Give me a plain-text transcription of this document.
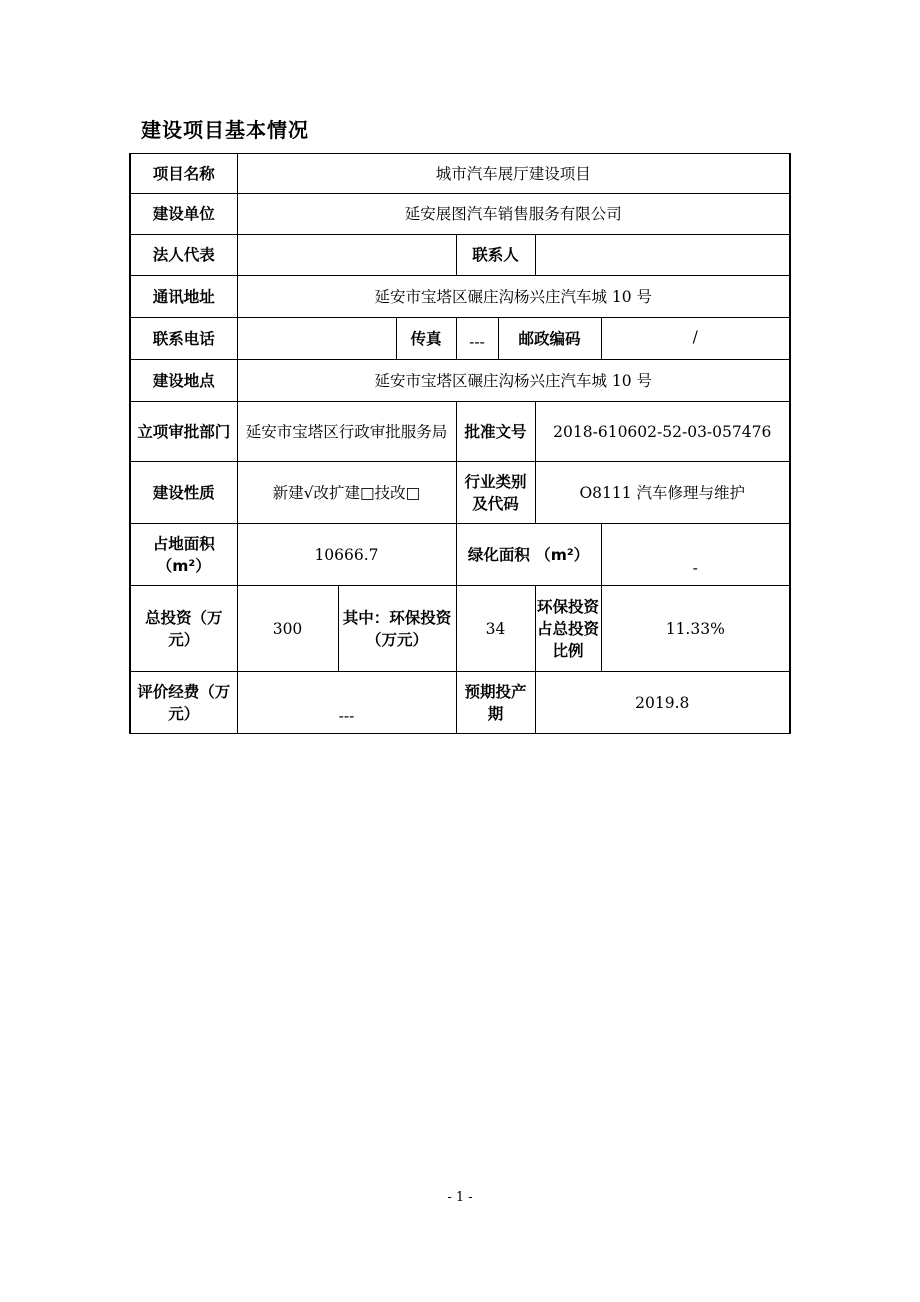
建设项目基本情况
项目名称	城市汽车展厅建设项目						
建设单位	延安展图汽车销售服务有限公司						
法人代表				联系人			
通讯地址	延安市宝塔区碾庄沟杨兴庄汽车城 10 号						
联系电话			传真	---	邮政编码		/
建设地点	延安市宝塔区碾庄沟杨兴庄汽车城 10 号						
立项审批部门	延安市宝塔区行政审批服务局			批准文号		2018-610602-52-03-057476	
建设性质	新建√改扩建□技改□			行业类别及代码		O8111 汽车修理与维护	
占地面积（m²）	10666.7			绿化面积 （m²）			-
总投资（万元）	300	其中：环保投资（万元）		34		环保投资占总投资比例	11.33%
评价经费（万元）	---			预期投产期		2019.8	
- 1 -
